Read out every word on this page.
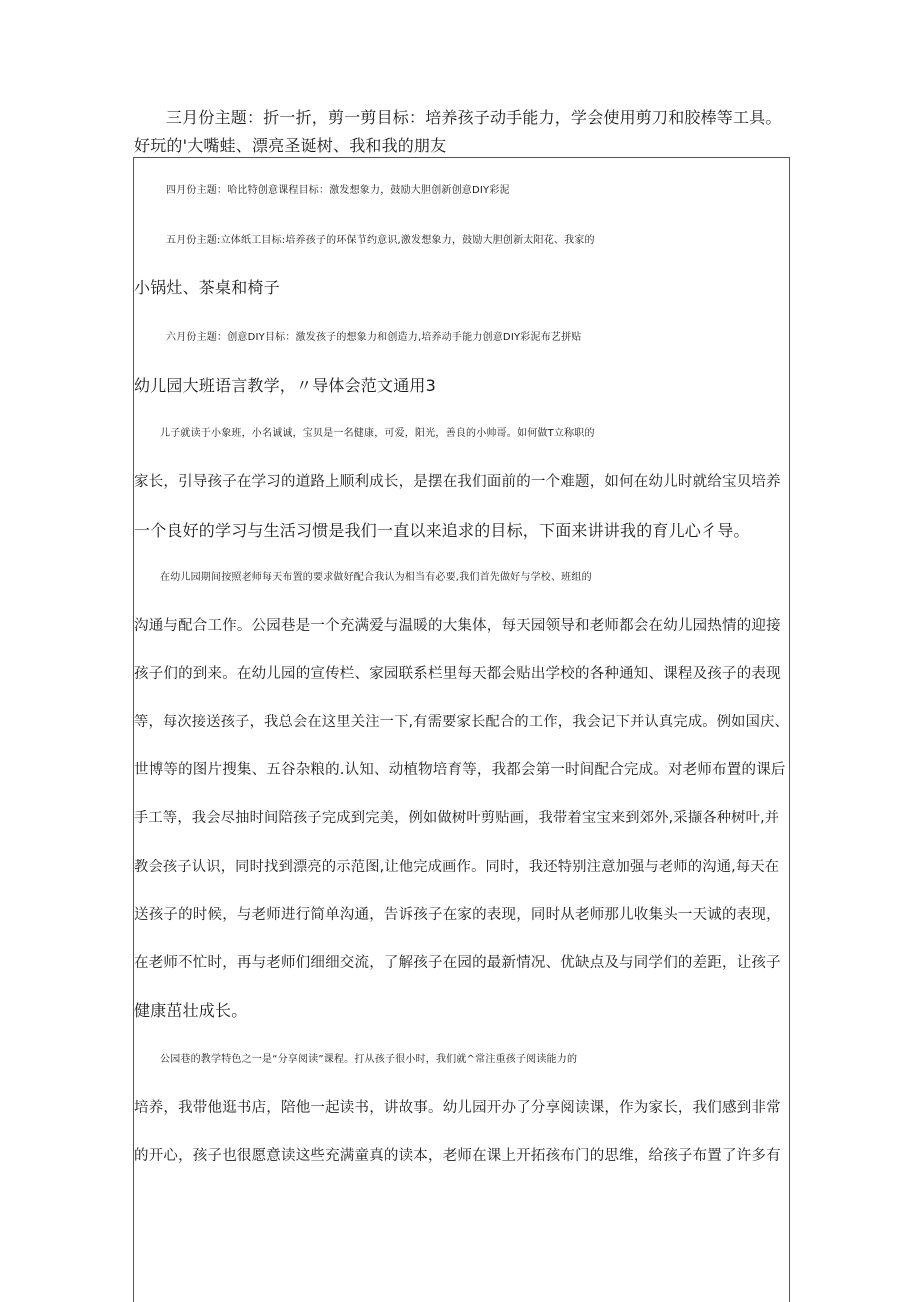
三月份主题：折一折，剪一剪目标：培养孩子动手能力，学会使用剪刀和胶棒等工具。好玩的'大嘴蛙、漂亮圣诞树、我和我的朋友
四月份主题：哈比特创意课程目标：激发想象力，鼓励大胆创新创意DIY彩泥
五月份主题:立体纸工目标:培养孩子的环保节约意识,激发想象力，鼓励大胆创新太阳花、我家的
小锅灶、茶桌和椅子
六月份主题：创意DIY目标：激发孩子的想象力和创造力,培养动手能力创意DIY彩泥布艺拼贴
幼儿园大班语言教学，〃导体会范文通用3
儿子就读于小象班，小名诚诚，宝贝是一名健康，可爱，阳光，善良的小帅哥。如何做T立称职的
家长，引导孩子在学习的道路上顺利成长，是摆在我们面前的一个难题，如何在幼儿时就给宝贝培养
一个良好的学习与生活习惯是我们一直以来追求的目标，下面来讲讲我的育儿心彳导。
在幼儿园期间按照老师每天布置的要求做好配合我认为相当有必要,我们首先做好与学校、班组的
沟通与配合工作。公园巷是一个充满爱与温暖的大集体，每天园领导和老师都会在幼儿园热情的迎接
孩子们的到来。在幼儿园的宣传栏、家园联系栏里每天都会贴出学校的各种通知、课程及孩子的表现
等，每次接送孩子，我总会在这里关注一下,有需要家长配合的工作，我会记下并认真完成。例如国庆、
世博等的图片搜集、五谷杂粮的.认知、动植物培育等，我都会第一时间配合完成。对老师布置的课后
手工等，我会尽抽时间陪孩子完成到完美，例如做树叶剪贴画，我带着宝宝来到郊外,采撷各种树叶,并
教会孩子认识，同时找到漂亮的示范图,让他完成画作。同时，我还特别注意加强与老师的沟通,每天在
送孩子的时候，与老师进行简单沟通，告诉孩子在家的表现，同时从老师那儿收集头一天诚的表现，
在老师不忙时，再与老师们细细交流，了解孩子在园的最新情况、优缺点及与同学们的差距，让孩子
健康茁壮成长。
公园巷的教学特色之一是“分享阅读”课程。打从孩子很小时，我们就^常注重孩子阅读能力的
培养，我带他逛书店，陪他一起读书，讲故事。幼儿园开办了分享阅读课，作为家长，我们感到非常
的开心，孩子也很愿意读这些充满童真的读本，老师在课上开拓孩布门的思维，给孩子布置了许多有
